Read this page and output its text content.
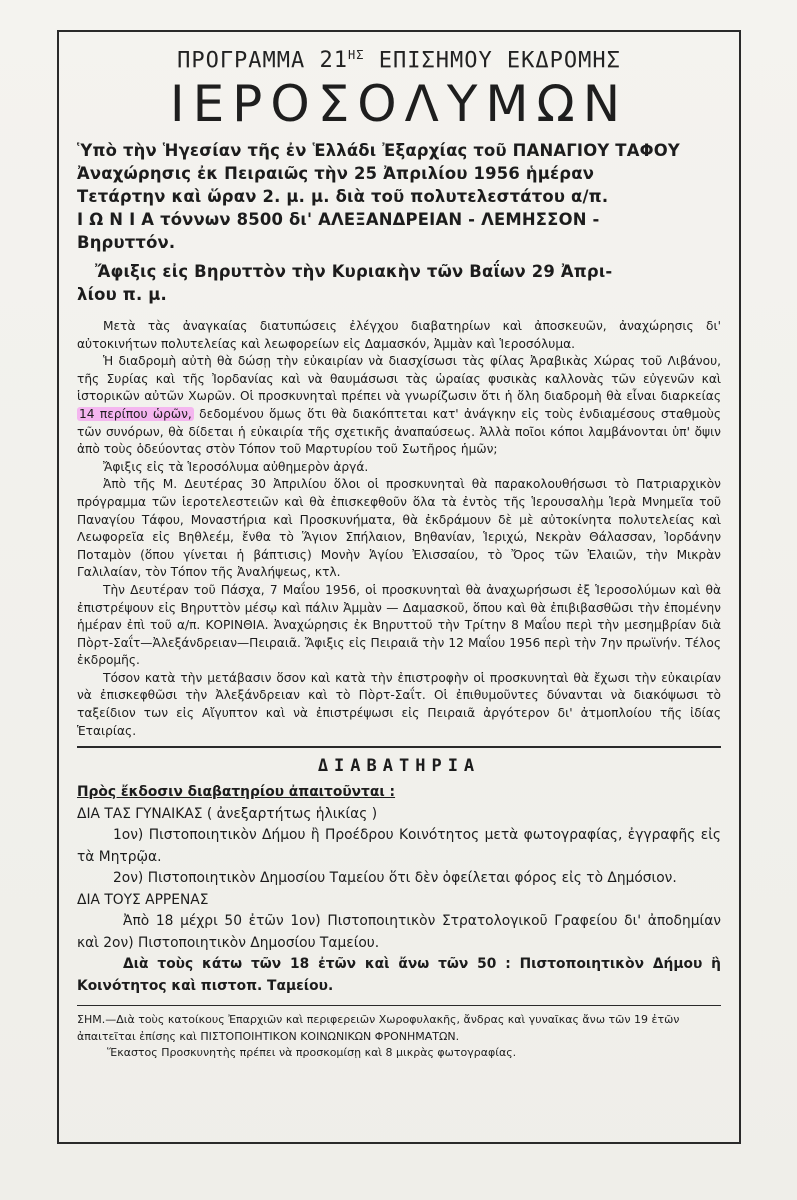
ΠΡΟΓΡΑΜΜΑ $21^{H\Sigma}$ ΕΠΙΣΗΜΟΥ ΕΚΔΡΟΜΗΣ
ΙΕΡΟΣΟΛΥΜΩΝ

Ὑπὸ τὴν Ἡγεσίαν τῆς ἐν Ἑλλάδι Ἐξαρχίας τοῦ ΠΑΝΑΓΙΟΥ ΤΑΦΟΥ

Ἀναχώρησις ἐκ Πειραιῶς τὴν 25 Ἀπριλίου 1956 ἡμέραν

Τετάρτην καὶ ὥραν 2. μ. μ. διὰ τοῦ πολυτελεστάτου α/π.

Ι Ω Ν Ι Α τόννων 8500 δι' ΑΛΕΞΑΝΔΡΕΙΑΝ - ΛΕΜΗΣΣΟΝ -

Βηρυττόν.

Ἄφιξις εἰς Βηρυττὸν τὴν Κυριακὴν τῶν Βαΐων 29 Ἀπρι-

λίου π. μ.

Μετὰ τὰς ἀναγκαίας διατυπώσεις ἐλέγχου διαβατηρίων καὶ ἀποσκευῶν, ἀναχώρησις δι' αὐτοκινήτων πολυτελείας καὶ λεωφορείων εἰς Δαμασκόν, Ἀμμὰν καὶ Ἱεροσόλυμα.

Ἡ διαδρομὴ αὐτὴ θὰ δώσῃ τὴν εὐκαιρίαν νὰ διασχίσωσι τὰς φίλας Ἀραβικὰς Χώρας τοῦ Λιβάνου, τῆς Συρίας καὶ τῆς Ἰορδανίας καὶ νὰ θαυμάσωσι τὰς ὡραίας φυσικὰς καλλονὰς τῶν εὐγενῶν καὶ ἱστορικῶν αὐτῶν Χωρῶν. Οἱ προσκυνηταὶ πρέπει νὰ γνωρίζωσιν ὅτι ἡ ὅλη διαδρομὴ θὰ εἶναι διαρκείας 14 περίπου ὡρῶν, δεδομένου ὅμως ὅτι θὰ διακόπτεται κατ' ἀνάγκην εἰς τοὺς ἐνδιαμέσους σταθμοὺς τῶν συνόρων, θὰ δίδεται ἡ εὐκαιρία τῆς σχετικῆς ἀναπαύσεως. Ἀλλὰ ποῖοι κόποι λαμβάνονται ὑπ' ὄψιν ἀπὸ τοὺς ὁδεύοντας στὸν Τόπον τοῦ Μαρτυρίου τοῦ Σωτῆρος ἡμῶν;

Ἄφιξις εἰς τὰ Ἱεροσόλυμα αὐθημερὸν ἀργά.

Ἀπὸ τῆς Μ. Δευτέρας 30 Ἀπριλίου ὅλοι οἱ προσκυνηταὶ θὰ παρακολουθήσωσι τὸ Πατριαρχικὸν πρόγραμμα τῶν ἱεροτελεστειῶν καὶ θὰ ἐπισκεφθοῦν ὅλα τὰ ἐντὸς τῆς Ἱερουσαλὴμ Ἱερὰ Μνημεῖα τοῦ Παναγίου Τάφου, Μοναστήρια καὶ Προσκυνήματα, θὰ ἐκδράμουν δὲ μὲ αὐτοκίνητα πολυτελείας καὶ Λεωφορεῖα εἰς Βηθλεέμ, ἔνθα τὸ Ἅγιον Σπήλαιον, Βηθανίαν, Ἱεριχώ, Νεκρὰν Θάλασσαν, Ἰορδάνην Ποταμὸν (ὅπου γίνεται ἡ βάπτισις) Μονὴν Ἁγίου Ἐλισσαίου, τὸ Ὄρος τῶν Ἐλαιῶν, τὴν Μικρὰν Γαλιλαίαν, τὸν Τόπον τῆς Ἀναλήψεως, κτλ.

Τὴν Δευτέραν τοῦ Πάσχα, 7 Μαΐου 1956, οἱ προσκυνηταὶ θὰ ἀναχωρήσωσι ἐξ Ἱεροσολύμων καὶ θὰ ἐπιστρέψουν εἰς Βηρυττὸν μέσῳ καὶ πάλιν Ἀμμὰν — Δαμασκοῦ, ὅπου καὶ θὰ ἐπιβιβασθῶσι τὴν ἐπομένην ἡμέραν ἐπὶ τοῦ α/π. ΚΟΡΙΝΘΙΑ. Ἀναχώρησις ἐκ Βηρυττοῦ τὴν Τρίτην 8 Μαΐου περὶ τὴν μεσημβρίαν διὰ Πὸρτ-Σαΐτ—Ἀλεξάνδρειαν—Πειραιᾶ. Ἄφιξις εἰς Πειραιᾶ τὴν 12 Μαΐου 1956 περὶ τὴν 7ην πρωϊνήν. Τέλος ἐκδρομῆς.

Τόσον κατὰ τὴν μετάβασιν ὅσον καὶ κατὰ τὴν ἐπιστροφὴν οἱ προσκυνηταὶ θὰ ἔχωσι τὴν εὐκαιρίαν νὰ ἐπισκεφθῶσι τὴν Ἀλεξάνδρειαν καὶ τὸ Πὸρτ-Σαΐτ. Οἱ ἐπιθυμοῦντες δύνανται νὰ διακόψωσι τὸ ταξείδιον των εἰς Αἴγυπτον καὶ νὰ ἐπιστρέψωσι εἰς Πειραιᾶ ἀργότερον δι' ἀτμοπλοίου τῆς ἰδίας Ἑταιρίας.

ΔΙΑΒΑΤΗΡΙΑ

Πρὸς ἔκδοσιν διαβατηρίου ἀπαιτοῦνται :

ΔΙΑ ΤΑΣ ΓΥΝΑΙΚΑΣ ( ἀνεξαρτήτως ἡλικίας )

1ον) Πιστοποιητικὸν Δήμου ἢ Προέδρου Κοινότητος μετὰ φωτογραφίας, ἐγγραφῆς εἰς τὰ Μητρῷα.

2ον) Πιστοποιητικὸν Δημοσίου Ταμείου ὅτι δὲν ὀφείλεται φόρος εἰς τὸ Δημόσιον.

ΔΙΑ ΤΟΥΣ ΑΡΡΕΝΑΣ

Ἀπὸ 18 μέχρι 50 ἐτῶν 1ον) Πιστοποιητικὸν Στρατολογικοῦ Γραφείου δι' ἀποδημίαν καὶ 2ον) Πιστοποιητικὸν Δημοσίου Ταμείου.

Διὰ τοὺς κάτω τῶν 18 ἐτῶν καὶ ἄνω τῶν 50 : Πιστοποιητικὸν Δήμου ἢ Κοινότητος καὶ πιστοπ. Ταμείου.

ΣΗΜ.—Διὰ τοὺς κατοίκους Ἐπαρχιῶν καὶ περιφερειῶν Χωροφυλακῆς, ἄνδρας καὶ γυναῖκας ἄνω τῶν 19 ἐτῶν ἀπαιτεῖται ἐπίσης καὶ ΠΙΣΤΟΠΟΙΗΤΙΚΟΝ ΚΟΙΝΩΝΙΚΩΝ ΦΡΟΝΗΜΑΤΩΝ.

Ἕκαστος Προσκυνητὴς πρέπει νὰ προσκομίσῃ καὶ 8 μικρὰς φωτογραφίας.
